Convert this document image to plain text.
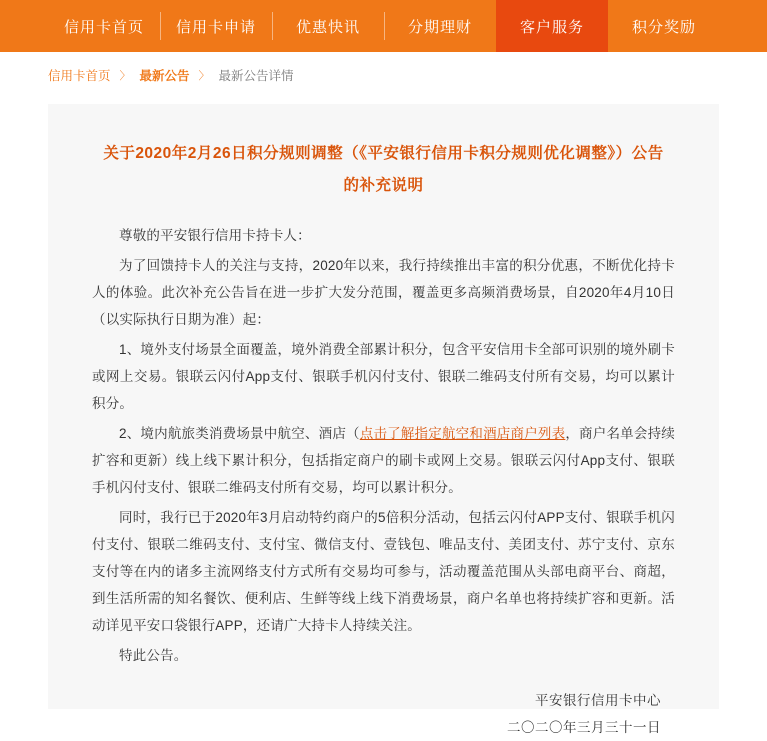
信用卡首页	信用卡申请	优惠快讯	分期理财	客户服务	积分奖励
信用卡首页 〉 最新公告 〉 最新公告详情
关于2020年2月26日积分规则调整（《平安银行信用卡积分规则优化调整》）公告的补充说明

尊敬的平安银行信用卡持卡人：

为了回馈持卡人的关注与支持，2020年以来，我行持续推出丰富的积分优惠，不断优化持卡人的体验。此次补充公告旨在进一步扩大发分范围，覆盖更多高频消费场景，自2020年4月10日（以实际执行日期为准）起：

1、境外支付场景全面覆盖，境外消费全部累计积分，包含平安信用卡全部可识别的境外刷卡或网上交易。银联云闪付App支付、银联手机闪付支付、银联二维码支付所有交易，均可以累计积分。

2、境内航旅类消费场景中航空、酒店（点击了解指定航空和酒店商户列表，商户名单会持续扩容和更新）线上线下累计积分，包括指定商户的刷卡或网上交易。银联云闪付App支付、银联手机闪付支付、银联二维码支付所有交易，均可以累计积分。

同时，我行已于2020年3月启动特约商户的5倍积分活动，包括云闪付APP支付、银联手机闪付支付、银联二维码支付、支付宝、微信支付、壹钱包、唯品支付、美团支付、苏宁支付、京东支付等在内的诸多主流网络支付方式所有交易均可参与，活动覆盖范围从头部电商平台、商超，到生活所需的知名餐饮、便利店、生鲜等线上线下消费场景，商户名单也将持续扩容和更新。活动详见平安口袋银行APP，还请广大持卡人持续关注。

特此公告。

平安银行信用卡中心
二〇二〇年三月三十一日
